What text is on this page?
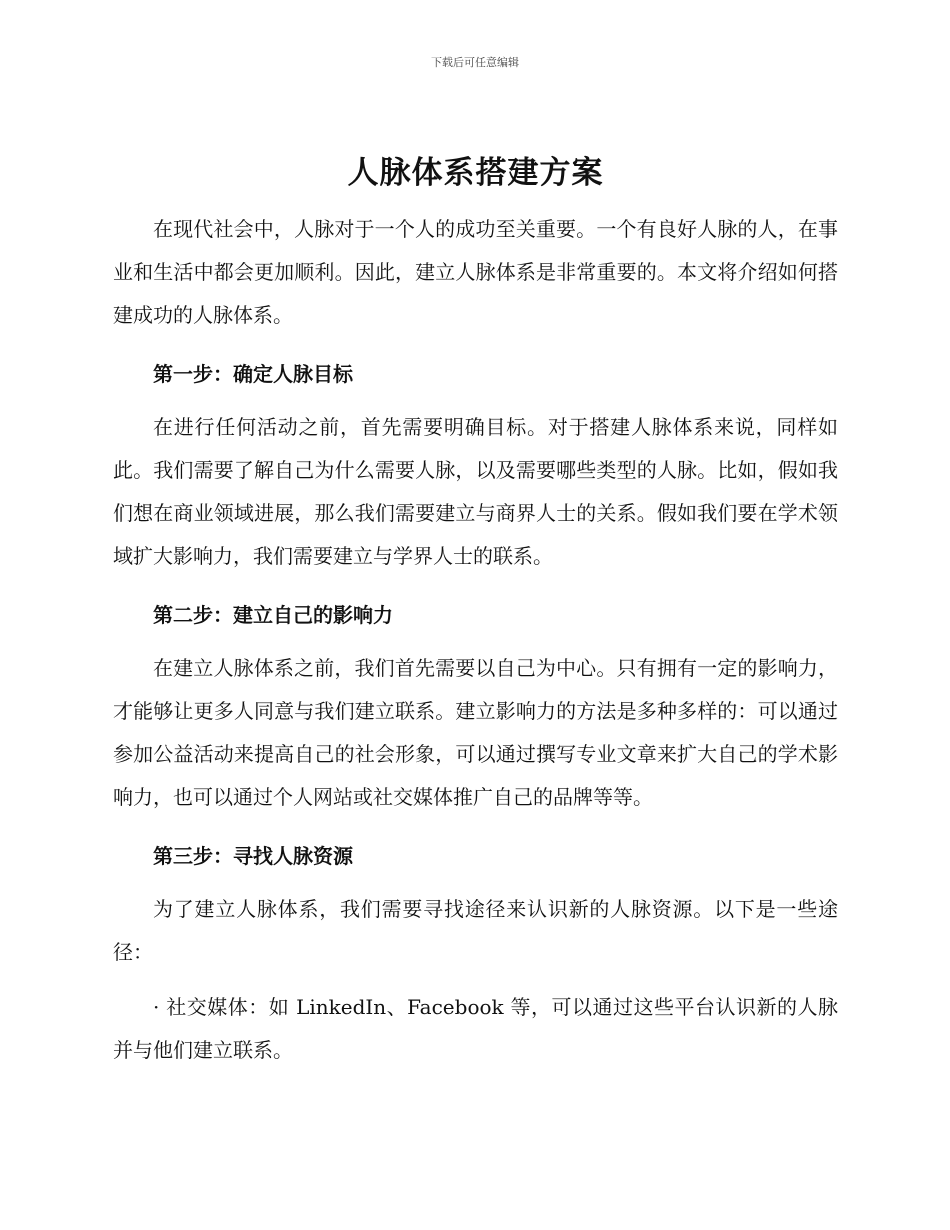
下载后可任意编辑
人脉体系搭建方案

在现代社会中，人脉对于一个人的成功至关重要。一个有良好人脉的人，在事业和生活中都会更加顺利。因此，建立人脉体系是非常重要的。本文将介绍如何搭建成功的人脉体系。

第一步：确定人脉目标

在进行任何活动之前，首先需要明确目标。对于搭建人脉体系来说，同样如此。我们需要了解自己为什么需要人脉，以及需要哪些类型的人脉。比如，假如我们想在商业领域进展，那么我们需要建立与商界人士的关系。假如我们要在学术领域扩大影响力，我们需要建立与学界人士的联系。

第二步：建立自己的影响力

在建立人脉体系之前，我们首先需要以自己为中心。只有拥有一定的影响力，才能够让更多人同意与我们建立联系。建立影响力的方法是多种多样的：可以通过参加公益活动来提高自己的社会形象，可以通过撰写专业文章来扩大自己的学术影响力，也可以通过个人网站或社交媒体推广自己的品牌等等。

第三步：寻找人脉资源

为了建立人脉体系，我们需要寻找途径来认识新的人脉资源。以下是一些途径：

· 社交媒体：如 LinkedIn、Facebook 等，可以通过这些平台认识新的人脉并与他们建立联系。
